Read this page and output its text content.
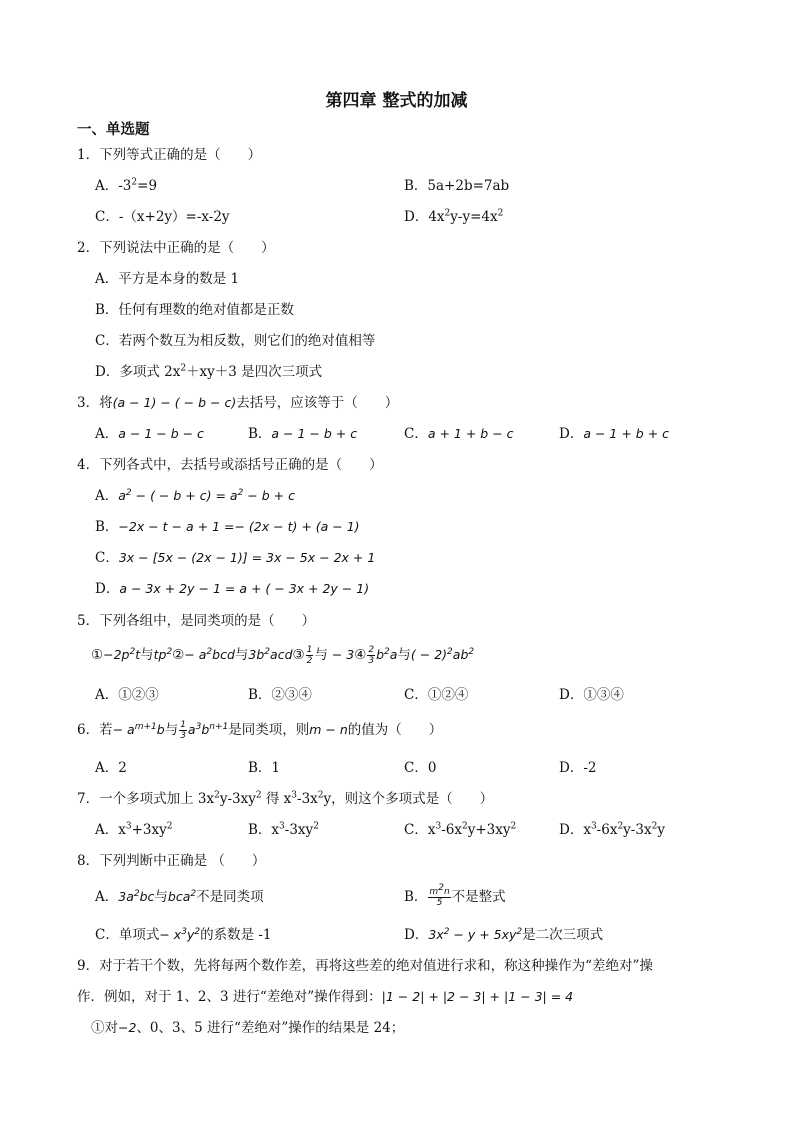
第四章 整式的加减
一、单选题
1．下列等式正确的是（　　）
A．$-3^2=9$	B．5a+2b=7ab
C．-（x+2y）=-x-2y	D．$4x^2y-y=4x^2$
2．下列说法中正确的是（　　）
A．平方是本身的数是 1
B．任何有理数的绝对值都是正数
C．若两个数互为相反数，则它们的绝对值相等
D．多项式 $2x^2+xy+3$ 是四次三项式
3．将(a − 1) − ( − b − c)去括号，应该等于（　　）
A．a − 1 − b − c	B．a − 1 − b + c	C．a + 1 + b − c	D．a − 1 + b + c
4．下列各式中，去括号或添括号正确的是（　　）
A．$a^2$ − ( − $b + c) = a^2 - b + c$
B．−2x − t − a + 1 =− (2x − t) + (a − 1)
C．3x − [5x − (2x − 1)] = 3x − 5x − 2x + 1
D．a − 3x + 2y − 1 = a + ( − 3x + 2y − 1)
5．下列各组中，是同类项的是（　　）
$①-2p^2t$与$tp^2②- a^2bcd$与$3b^2acd③ \frac{1}{2}$ 与 − 3④ $\frac{2}{3} b^2a$与( − $2)^2ab^2$
A．①②③	B．②③④	C．①②④	D．①③④
6．若− $a^{m+1}b$与 $\frac{1}{3} a^3b^{n+1}$是同类项，则m − n的值为（　　）
A．2	B．1	C．0	D．-2
7．一个多项式加上 $3x^2y-3xy^2$ 得 $x^3-3x^2y$，则这个多项式是（　　）
A．$x^3+3xy^2$	B．$x^3-3xy^2$	C．$x^3-6x^2y+3xy^2$	D．$x^3-6x^2y-3x^2y$
8．下列判断中正确是 （　　）
A．$3a^2bc$与bca$^2$不是同类项	B． $\frac{m^2n}{5}$ 不是整式
C．单项式− $x^3y^2$的系数是 -1	D．$3x^2 - y + 5xy^2$是二次三项式
9．对于若干个数，先将每两个数作差，再将这些差的绝对值进行求和，称这种操作为“差绝对”操
作．例如，对于 1、2、3 进行“差绝对”操作得到：|1 − 2| + |2 − 3| + |1 − 3| = 4
①对−2、0、3、5 进行“差绝对”操作的结果是 24；
